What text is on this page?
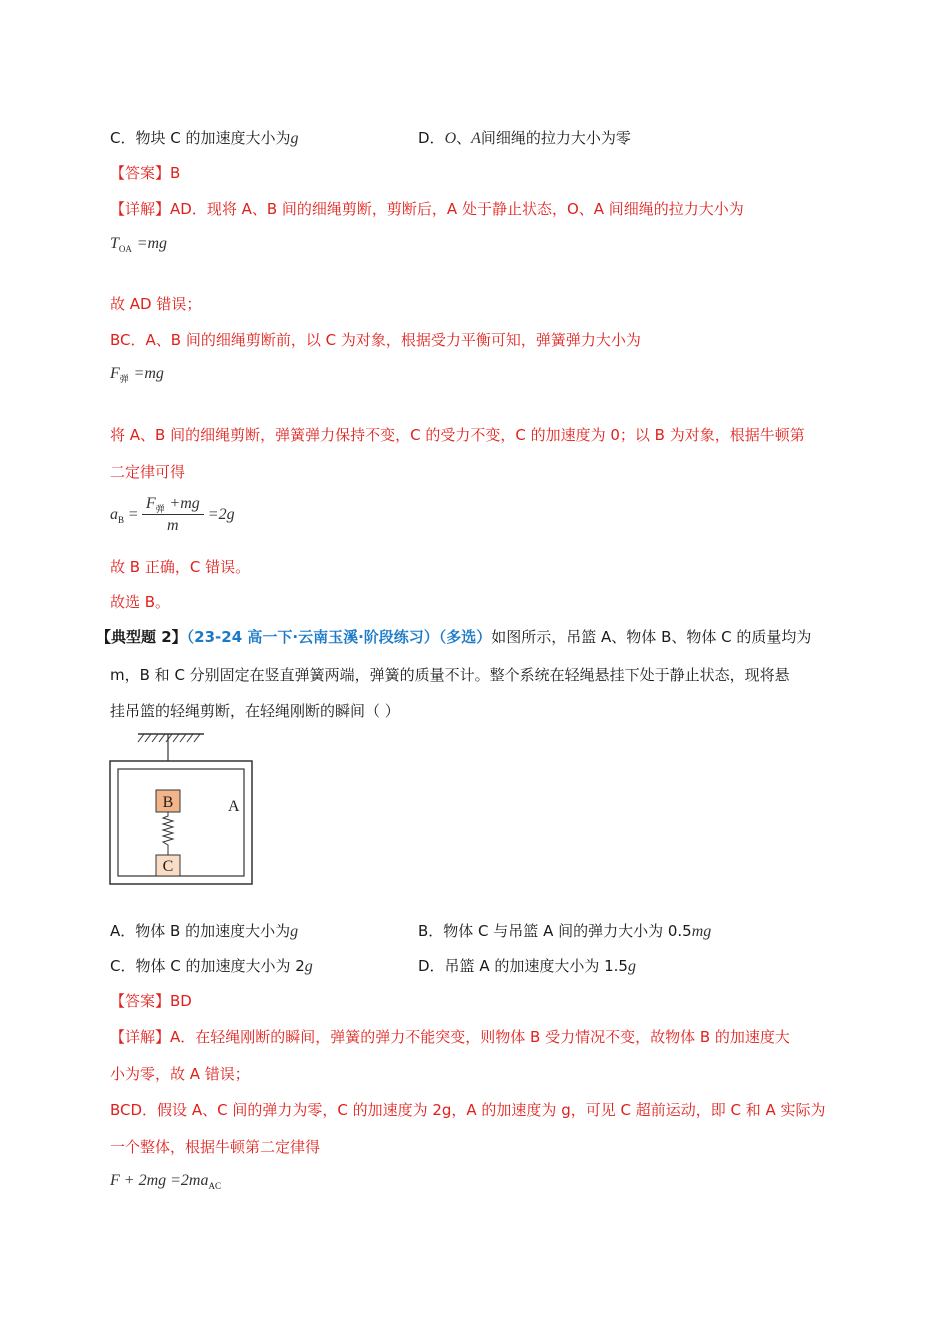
C．物块 C 的加速度大小为g	D．O、A间细绳的拉力大小为零
【答案】B
【详解】AD．现将 A、B 间的细绳剪断，剪断后，A 处于静止状态，O、A 间细绳的拉力大小为
$T_{OA} =mg$
故 AD 错误；
BC．A、B 间的细绳剪断前，以 C 为对象，根据受力平衡可知，弹簧弹力大小为
$F_弹 =mg$
将 A、B 间的细绳剪断，弹簧弹力保持不变，C 的受力不变，C 的加速度为 0；以 B 为对象，根据牛顿第
二定律可得
$a_B = \frac{F_弹 +mg}{m} =2g$
故 B 正确，C 错误。
故选 B。
【典型题 2】（23-24 高一下·云南玉溪·阶段练习）（多选）如图所示，吊篮 A、物体 B、物体 C 的质量均为
m，B 和 C 分别固定在竖直弹簧两端，弹簧的质量不计。整个系统在轻绳悬挂下处于静止状态，现将悬
挂吊篮的轻绳剪断，在轻绳刚断的瞬间（ ）
A
B
C
A．物体 B 的加速度大小为g	B．物体 C 与吊篮 A 间的弹力大小为 0.5mg
C．物体 C 的加速度大小为 2g	D．吊篮 A 的加速度大小为 1.5g
【答案】BD
【详解】A．在轻绳刚断的瞬间，弹簧的弹力不能突变，则物体 B 受力情况不变，故物体 B 的加速度大
小为零，故 A 错误；
BCD．假设 A、C 间的弹力为零，C 的加速度为 2g，A 的加速度为 g，可见 C 超前运动，即 C 和 A 实际为
一个整体，根据牛顿第二定律得
$F + 2mg =2ma_{AC}$
